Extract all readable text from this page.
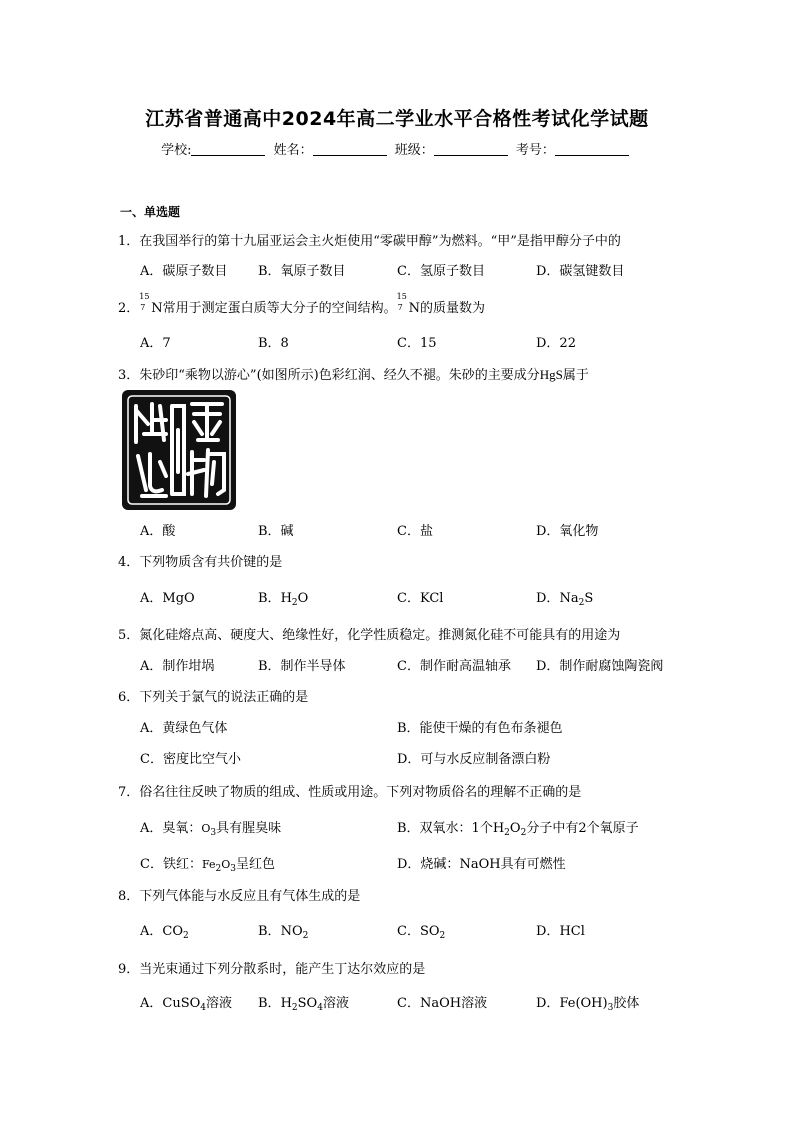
江苏省普通高中2024年高二学业水平合格性考试化学试题
学校:	姓名：	班级：	考号：
一、单选题
1．在我国举行的第十九届亚运会主火炬使用“零碳甲醇”为燃料。“甲”是指甲醇分子中的
A．碳原子数目 B．氧原子数目	C．氢原子数目	D．碳氢键数目
2．
15
7 N常用于测定蛋白质等大分子的空间结构。
15
7 N的质量数为
A．7	B．8	C．15	D．22
3．朱砂印“乘物以游心”(如图所示)色彩红润、经久不褪。朱砂的主要成分HgS属于
A．酸	B．碱	C．盐	D．氧化物
4．下列物质含有共价键的是
A．MgO	B．$H_2O$	C．KCl	D．$Na_2S$
5．氮化硅熔点高、硬度大、绝缘性好，化学性质稳定。推测氮化硅不可能具有的用途为
A．制作坩埚	B．制作半导体	C．制作耐高温轴承 D．制作耐腐蚀陶瓷阀
6．下列关于氯气的说法正确的是
A．黄绿色气体	B．能使干燥的有色布条褪色
C．密度比空气小	D．可与水反应制备漂白粉
7．俗名往往反映了物质的组成、性质或用途。下列对物质俗名的理解不正确的是
A．臭氧：$O_3$具有腥臭味	B．双氧水：1个$H_2O_2$分子中有2个氧原子
C．铁红：$Fe_2O_3$呈红色	D．烧碱：NaOH具有可燃性
8．下列气体能与水反应且有气体生成的是
A．$CO_2$	B．$NO_2$	C．$SO_2$	D．HCl
9．当光束通过下列分散系时，能产生丁达尔效应的是
A．CuSO$_4$溶液 B．$H_2SO_4$溶液	C．NaOH溶液	D．$Fe(OH)_3$胶体
